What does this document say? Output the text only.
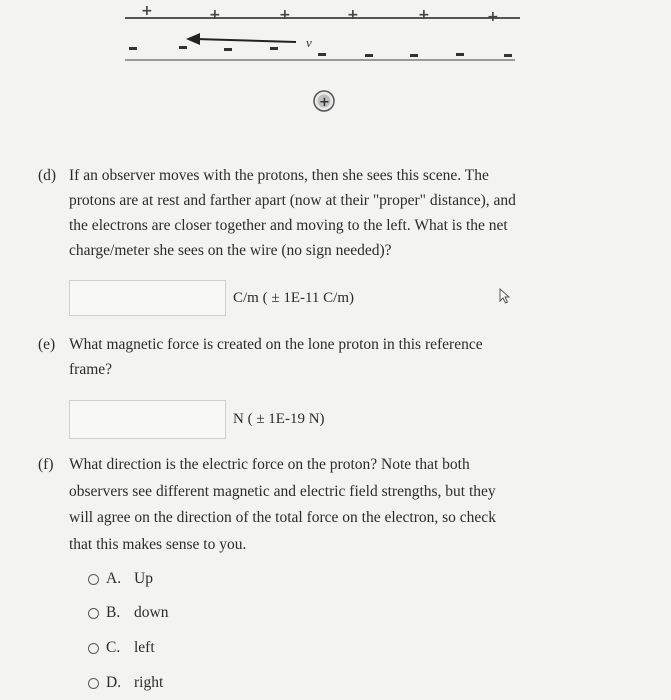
+	+	+	+	+	+
v
+
(d) If an observer moves with the protons, then she sees this scene. The
protons are at rest and farther apart (now at their "proper" distance), and
the electrons are closer together and moving to the left. What is the net
charge/meter she sees on the wire (no sign needed)?
C/m ( ± 1E-11 C/m)
(e) What magnetic force is created on the lone proton in this reference
frame?
N ( ± 1E-19 N)
(f)	What direction is the electric force on the proton? Note that both
observers see different magnetic and electric field strengths, but they
will agree on the direction of the total force on the electron, so check
that this makes sense to you.
A. Up
B. down
C. left
D. right
